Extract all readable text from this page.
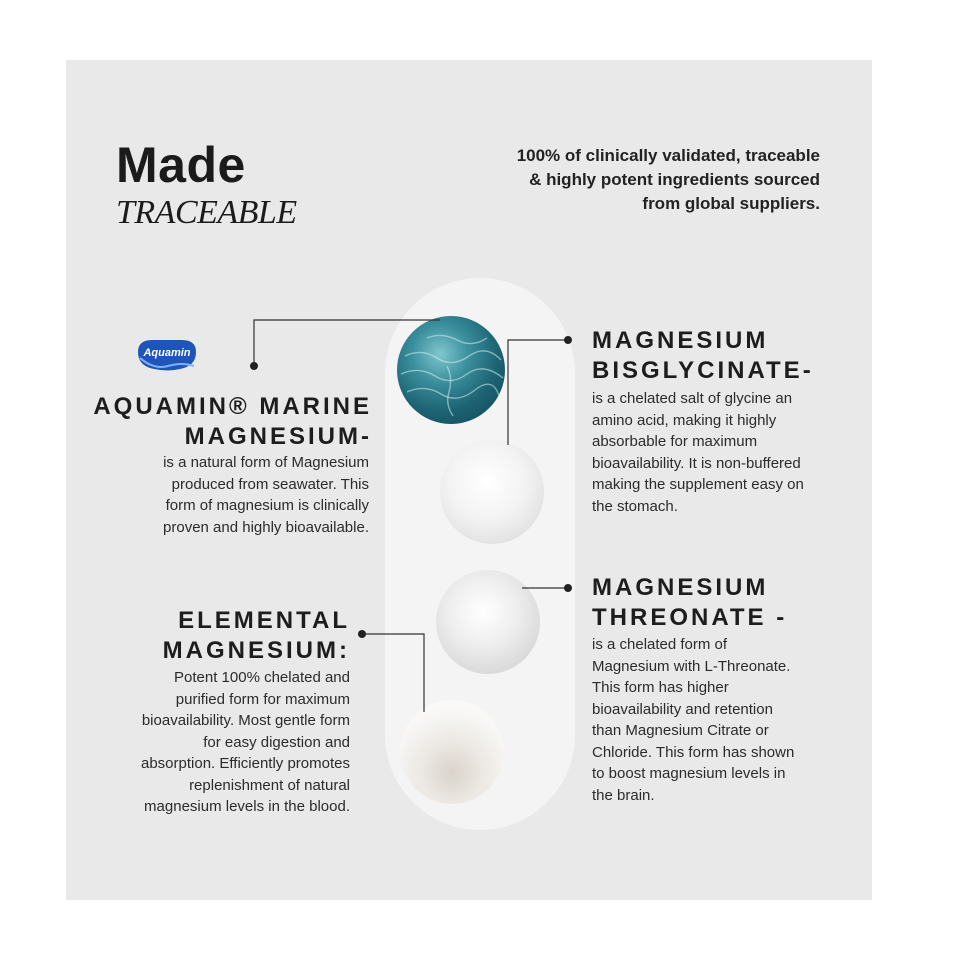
Made
TRACEABLE
100% of clinically validated, traceable
& highly potent ingredients sourced
from global suppliers.
Aquamin
AQUAMIN® MARINE
MAGNESIUM-
is a natural form of Magnesium
produced from seawater. This
form of magnesium is clinically
proven and highly bioavailable.
ELEMENTAL
MAGNESIUM:
Potent 100% chelated and
purified form for maximum
bioavailability. Most gentle form
for easy digestion and
absorption. Efficiently promotes
replenishment of natural
magnesium levels in the blood.
MAGNESIUM
BISGLYCINATE-
is a chelated salt of glycine an
amino acid, making it highly
absorbable for maximum
bioavailability. It is non-buffered
making the supplement easy on
the stomach.
MAGNESIUM
THREONATE -
is a chelated form of
Magnesium with L-Threonate.
This form has higher
bioavailability and retention
than Magnesium Citrate or
Chloride. This form has shown
to boost magnesium levels in
the brain.
